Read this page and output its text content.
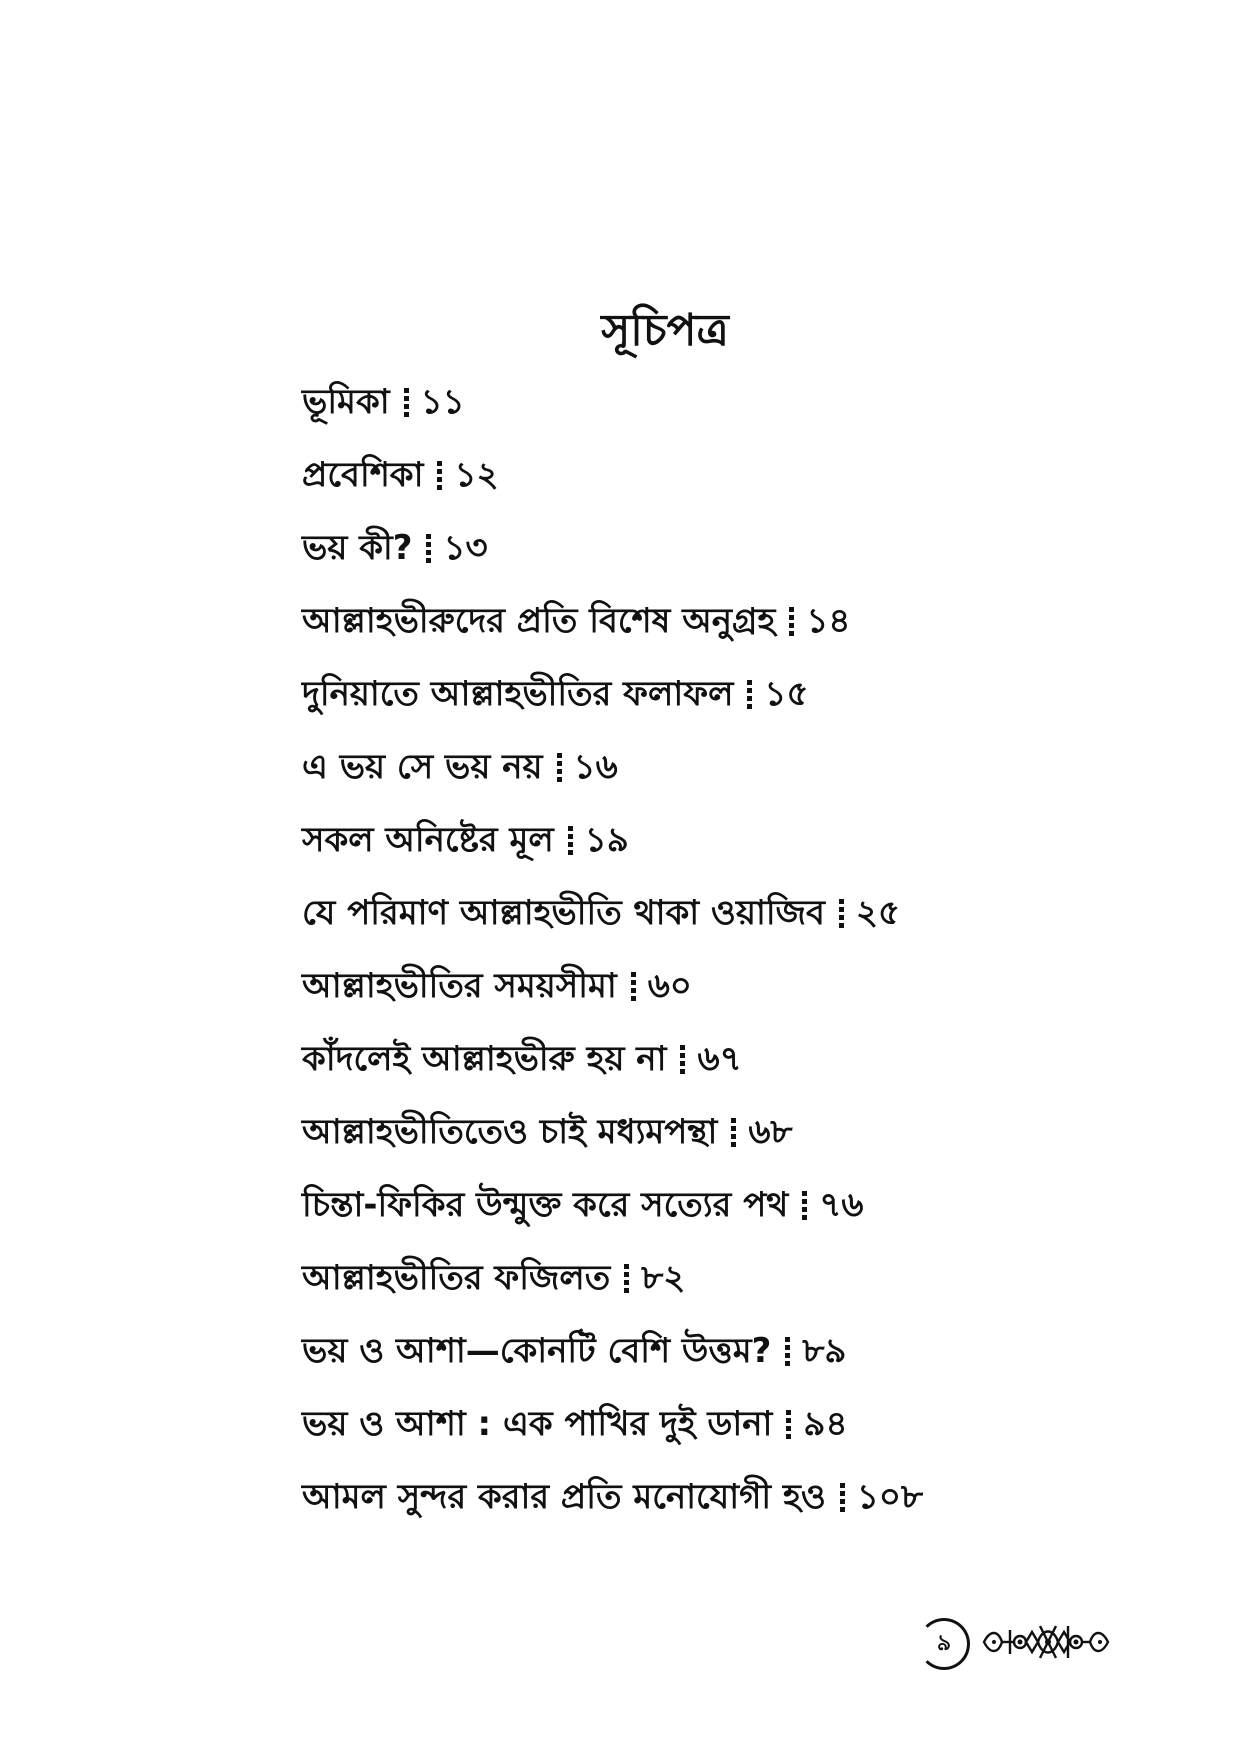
সূচিপত্র
ভূমিকা ১১
প্রবেশিকা ১২
ভয় কী? ১৩
আল্লাহভীরুদের প্রতি বিশেষ অনুগ্রহ ১৪
দুনিয়াতে আল্লাহভীতির ফলাফল ১৫
এ ভয় সে ভয় নয় ১৬
সকল অনিষ্টের মূল ১৯
যে পরিমাণ আল্লাহভীতি থাকা ওয়াজিব ২৫
আল্লাহভীতির সময়সীমা ৬০
কাঁদলেই আল্লাহভীরু হয় না ৬৭
আল্লাহভীতিতেও চাই মধ্যমপন্থা ৬৮
চিন্তা-ফিকির উন্মুক্ত করে সত্যের পথ ৭৬
আল্লাহভীতির ফজিলত ৮২
ভয় ও আশা—কোনটি বেশি উত্তম? ৮৯
ভয় ও আশা : এক পাখির দুই ডানা ৯৪
আমল সুন্দর করার প্রতি মনোযোগী হও ১০৮
৯
